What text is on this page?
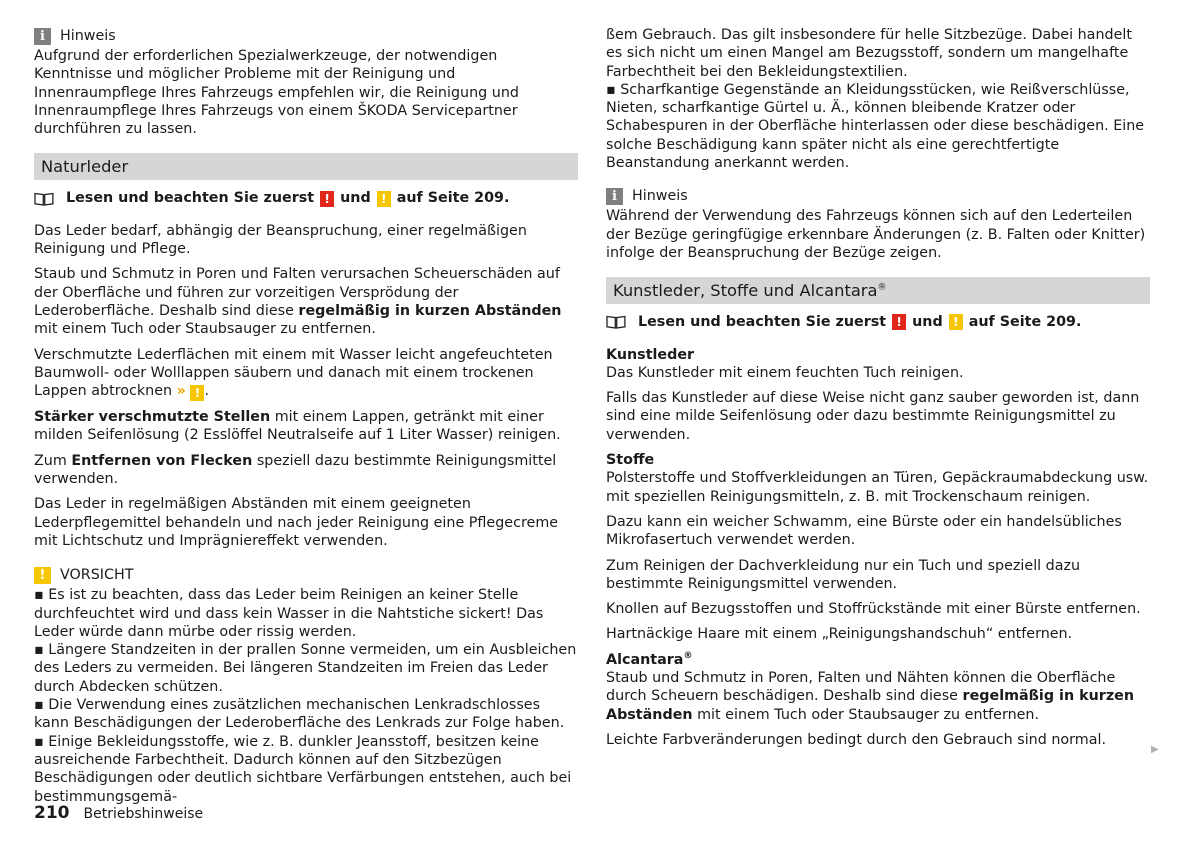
i	Hinweis

Aufgrund der erforderlichen Spezialwerkzeuge, der notwendigen Kenntnisse und möglicher Probleme mit der Reinigung und Innenraumpflege Ihres Fahrzeugs empfehlen wir, die Reinigung und Innenraumpflege Ihres Fahrzeugs von einem ŠKODA Servicepartner durchführen zu lassen.

Naturleder
Lesen und beachten Sie zuerst ! und ! auf Seite 209.

Das Leder bedarf, abhängig der Beanspruchung, einer regelmäßigen Reinigung und Pflege.

Staub und Schmutz in Poren und Falten verursachen Scheuerschäden auf der Oberfläche und führen zur vorzeitigen Versprödung der Lederoberfläche. Deshalb sind diese regelmäßig in kurzen Abständen mit einem Tuch oder Staubsauger zu entfernen.

Verschmutzte Lederflächen mit einem mit Wasser leicht angefeuchteten Baumwoll- oder Wolllappen säubern und danach mit einem trockenen Lappen abtrocknen » ! .

Stärker verschmutzte Stellen mit einem Lappen, getränkt mit einer milden Seifenlösung (2 Esslöffel Neutralseife auf 1 Liter Wasser) reinigen.

Zum Entfernen von Flecken speziell dazu bestimmte Reinigungsmittel verwenden.

Das Leder in regelmäßigen Abständen mit einem geeigneten Lederpflegemittel behandeln und nach jeder Reinigung eine Pflegecreme mit Lichtschutz und Imprägniereffekt verwenden.

!	VORSICHT
▪ Es ist zu beachten, dass das Leder beim Reinigen an keiner Stelle durchfeuchtet wird und dass kein Wasser in die Nahtstiche sickert! Das Leder würde dann mürbe oder rissig werden.
▪ Längere Standzeiten in der prallen Sonne vermeiden, um ein Ausbleichen des Leders zu vermeiden. Bei längeren Standzeiten im Freien das Leder durch Abdecken schützen.
▪ Die Verwendung eines zusätzlichen mechanischen Lenkradschlosses kann Beschädigungen der Lederoberfläche des Lenkrads zur Folge haben.
▪ Einige Bekleidungsstoffe, wie z. B. dunkler Jeansstoff, besitzen keine ausreichende Farbechtheit. Dadurch können auf den Sitzbezügen Beschädigungen oder deutlich sichtbare Verfärbungen entstehen, auch bei bestimmungsgemä-
ßem Gebrauch. Das gilt insbesondere für helle Sitzbezüge. Dabei handelt es sich nicht um einen Mangel am Bezugsstoff, sondern um mangelhafte Farbechtheit bei den Bekleidungstextilien.
▪ Scharfkantige Gegenstände an Kleidungsstücken, wie Reißverschlüsse, Nieten, scharfkantige Gürtel u. Ä., können bleibende Kratzer oder Schabespuren in der Oberfläche hinterlassen oder diese beschädigen. Eine solche Beschädigung kann später nicht als eine gerechtfertigte Beanstandung anerkannt werden.
i	Hinweis

Während der Verwendung des Fahrzeugs können sich auf den Lederteilen der Bezüge geringfügige erkennbare Änderungen (z. B. Falten oder Knitter) infolge der Beanspruchung der Bezüge zeigen.

Kunstleder, Stoffe und Alcantara®
Lesen und beachten Sie zuerst ! und ! auf Seite 209.
Kunstleder

Das Kunstleder mit einem feuchten Tuch reinigen.

Falls das Kunstleder auf diese Weise nicht ganz sauber geworden ist, dann sind eine milde Seifenlösung oder dazu bestimmte Reinigungsmittel zu verwenden.

Stoffe

Polsterstoffe und Stoffverkleidungen an Türen, Gepäckraumabdeckung usw. mit speziellen Reinigungsmitteln, z. B. mit Trockenschaum reinigen.

Dazu kann ein weicher Schwamm, eine Bürste oder ein handelsübliches Mikrofasertuch verwendet werden.

Zum Reinigen der Dachverkleidung nur ein Tuch und speziell dazu bestimmte Reinigungsmittel verwenden.

Knollen auf Bezugsstoffen und Stoffrückstände mit einer Bürste entfernen.

Hartnäckige Haare mit einem „Reinigungshandschuh“ entfernen.

Alcantara®

Staub und Schmutz in Poren, Falten und Nähten können die Oberfläche durch Scheuern beschädigen. Deshalb sind diese regelmäßig in kurzen Abständen mit einem Tuch oder Staubsauger zu entfernen.

Leichte Farbveränderungen bedingt durch den Gebrauch sind normal.

▶
210 Betriebshinweise
